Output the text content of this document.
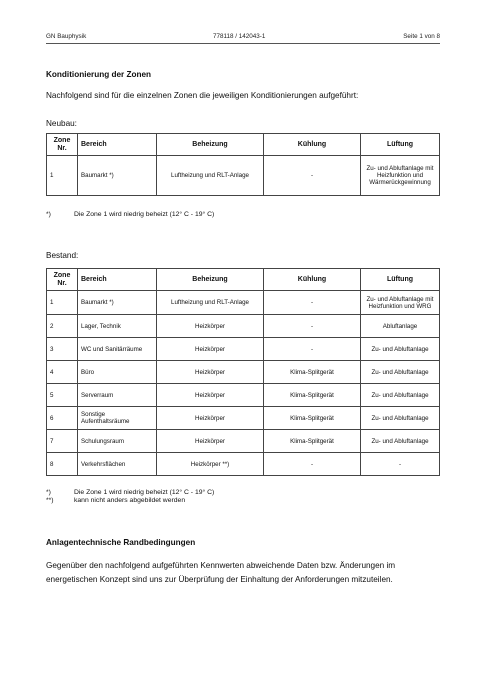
GN Bauphysik	778118 / 142043-1	Seite 1 von 8
Konditionierung der Zonen
Nachfolgend sind für die einzelnen Zonen die jeweiligen Konditionierungen aufgeführt:
Neubau:
Zone
Nr.	Bereich	Beheizung	Kühlung	Lüftung
1	Baumarkt *)	Luftheizung und RLT-Anlage	-	Zu- und Abluftanlage mit Heizfunktion und Wärmerückgewinnung
*)	Die Zone 1 wird niedrig beheizt (12° C - 19° C)
Bestand:
Zone
Nr.	Bereich	Beheizung	Kühlung	Lüftung
1	Baumarkt *)	Luftheizung und RLT-Anlage	-	Zu- und Abluftanlage mit Heizfunktion und WRG
2	Lager, Technik	Heizkörper	-	Abluftanlage
3	WC und Sanitärräume	Heizkörper	-	Zu- und Abluftanlage
4	Büro	Heizkörper	Klima-Splitgerät	Zu- und Abluftanlage
5	Serverraum	Heizkörper	Klima-Splitgerät	Zu- und Abluftanlage
6	Sonstige Aufenthaltsräume	Heizkörper	Klima-Splitgerät	Zu- und Abluftanlage
7	Schulungsraum	Heizkörper	Klima-Splitgerät	Zu- und Abluftanlage
8	Verkehrsflächen	Heizkörper **)	-	-
*)	Die Zone 1 wird niedrig beheizt (12° C - 19° C)
**)	kann nicht anders abgebildet werden
Anlagentechnische Randbedingungen
Gegenüber den nachfolgend aufgeführten Kennwerten abweichende Daten bzw. Änderungen im energetischen Konzept sind uns zur Überprüfung der Einhaltung der Anforderungen mitzuteilen.
